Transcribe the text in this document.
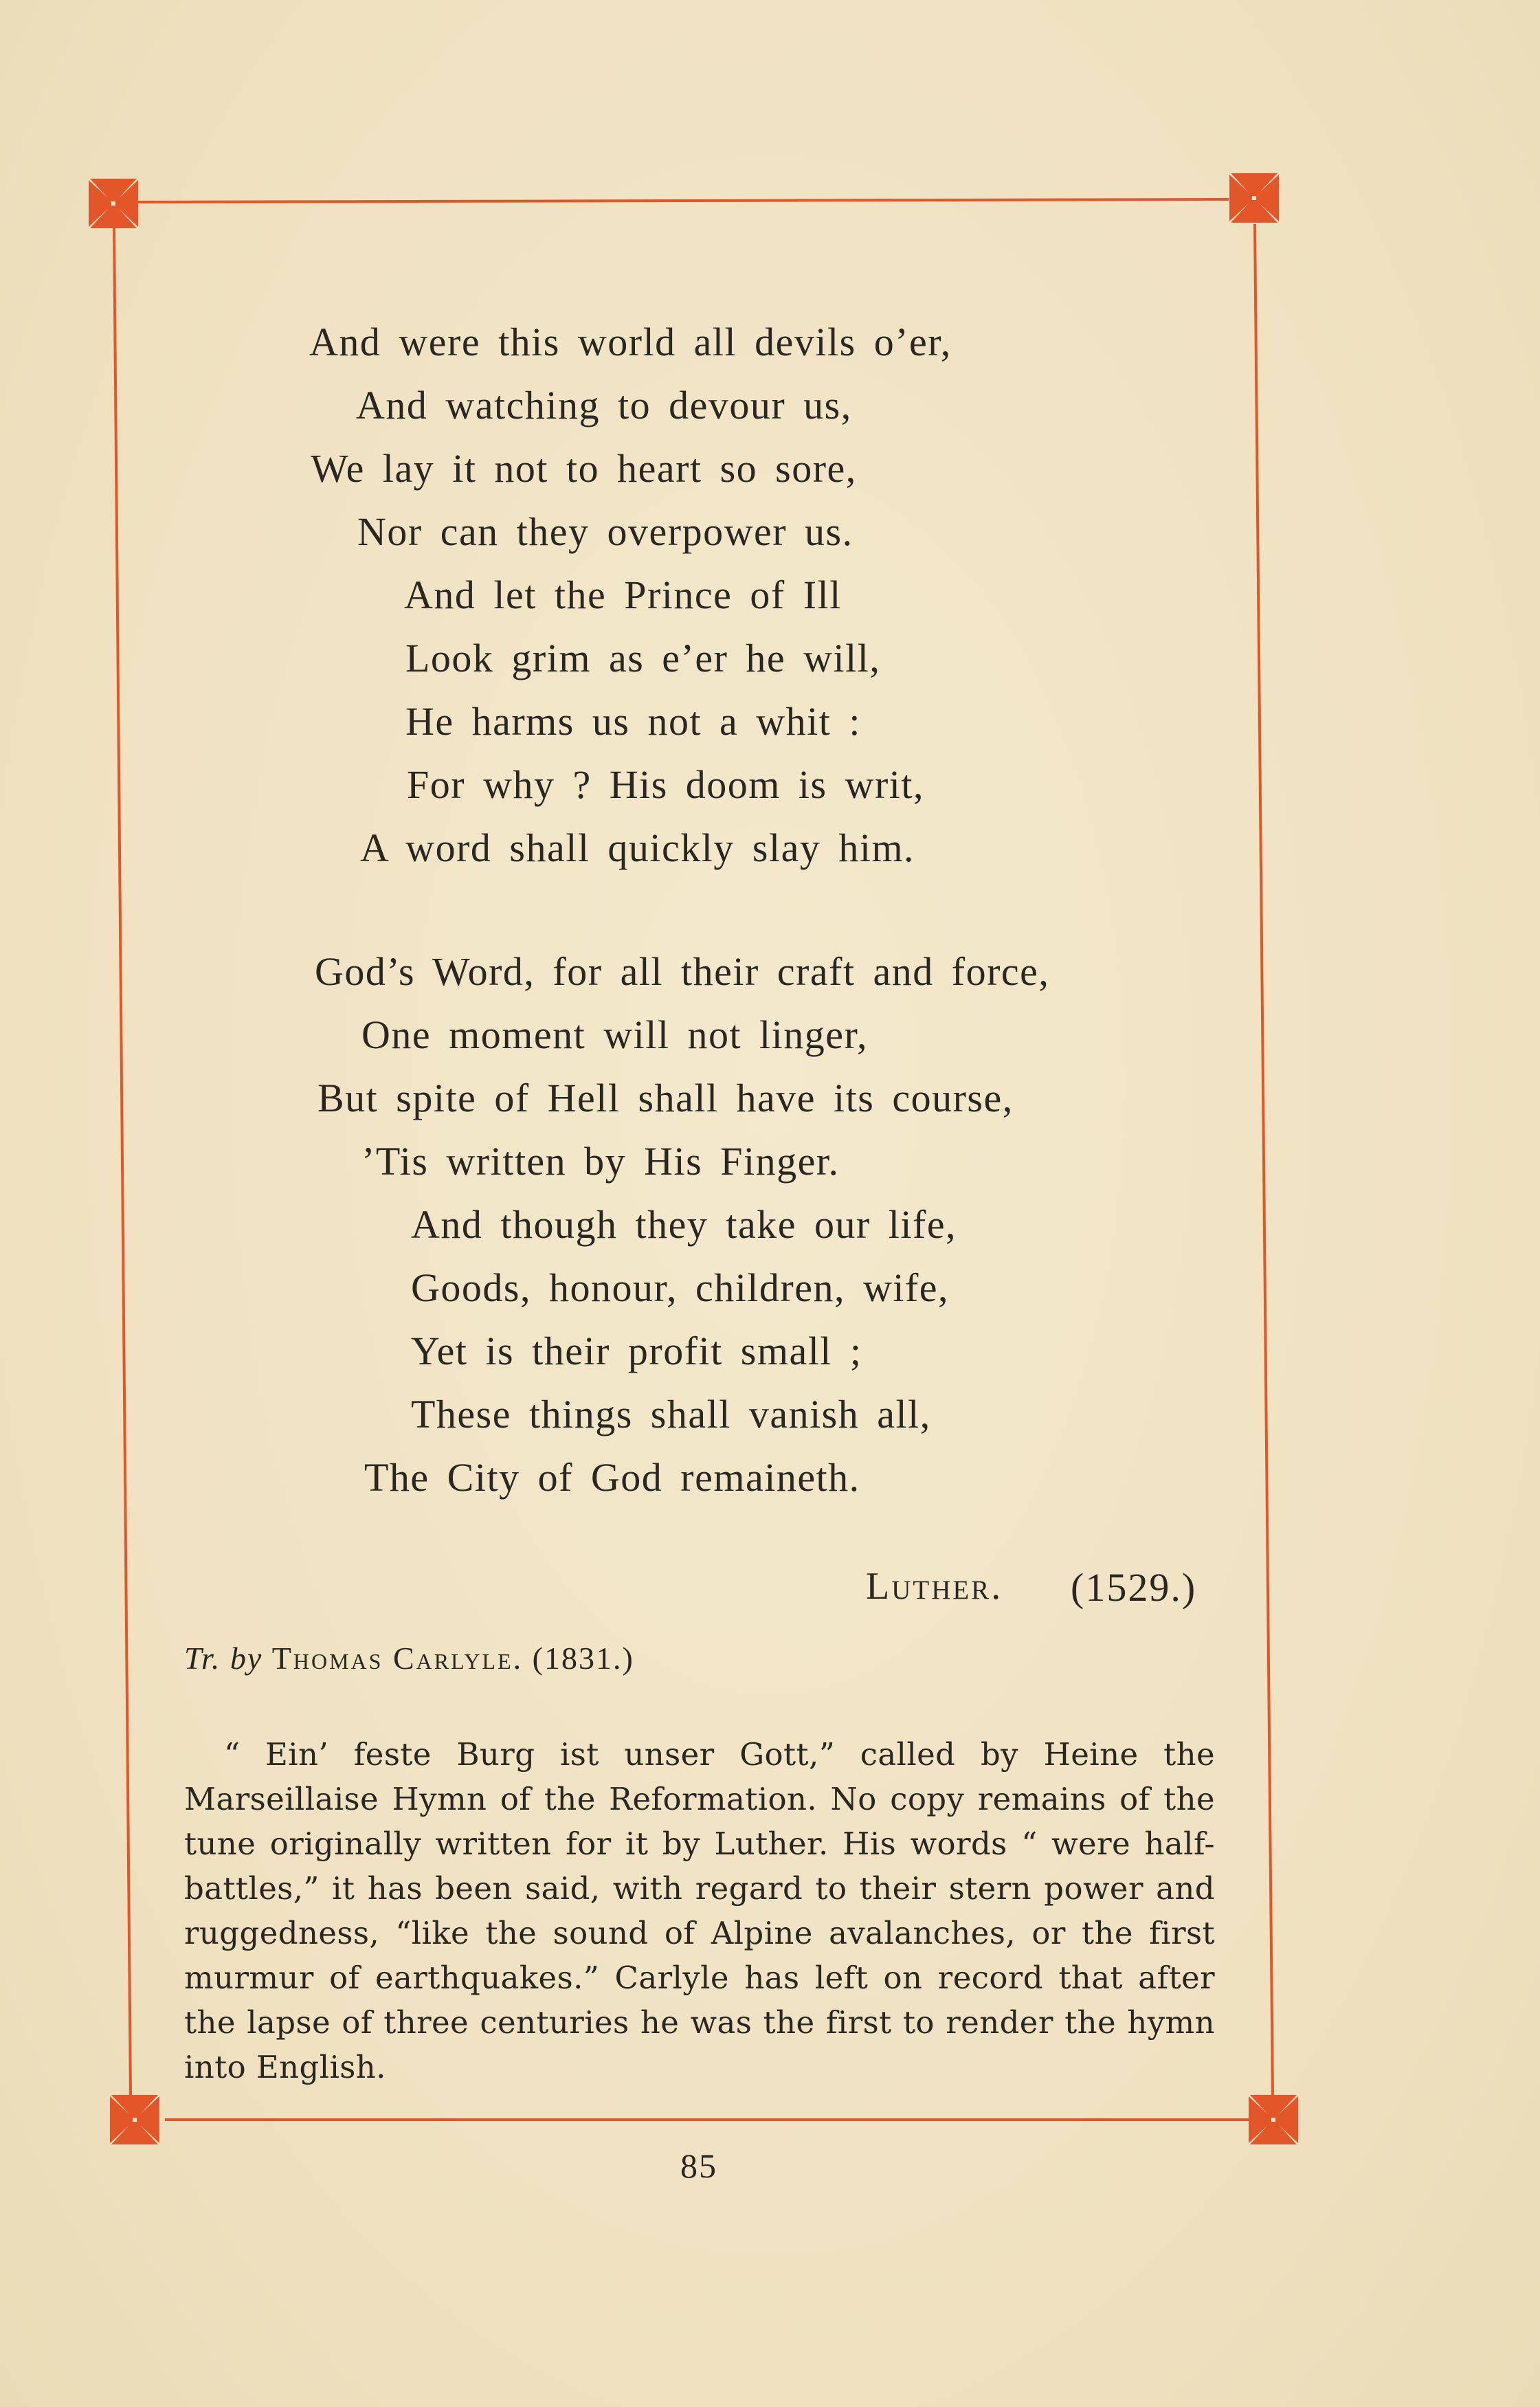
And were this world all devils o’er,
And watching to devour us,
We lay it not to heart so sore,
Nor can they overpower us.
And let the Prince of Ill
Look grim as e’er he will,
He harms us not a whit :
For why ? His doom is writ,
A word shall quickly slay him.
God’s Word, for all their craft and force,
One moment will not linger,
But spite of Hell shall have its course,
’Tis written by His Finger.
And though they take our life,
Goods, honour, children, wife,
Yet is their profit small ;
These things shall vanish all,
The City of God remaineth.
Luther. (1529.)
Tr. by Thomas Carlyle. (1831.)

“ Ein’ feste Burg ist unser Gott,” called by Heine the Marseillaise Hymn of the Reformation. No copy remains of the tune originally written for it by Luther. His words “ were half-battles,” it has been said, with regard to their stern power and ruggedness, “like the sound of Alpine avalanches, or the first murmur of earthquakes.” Carlyle has left on record that after the lapse of three centuries he was the first to render the hymn into English.

85
